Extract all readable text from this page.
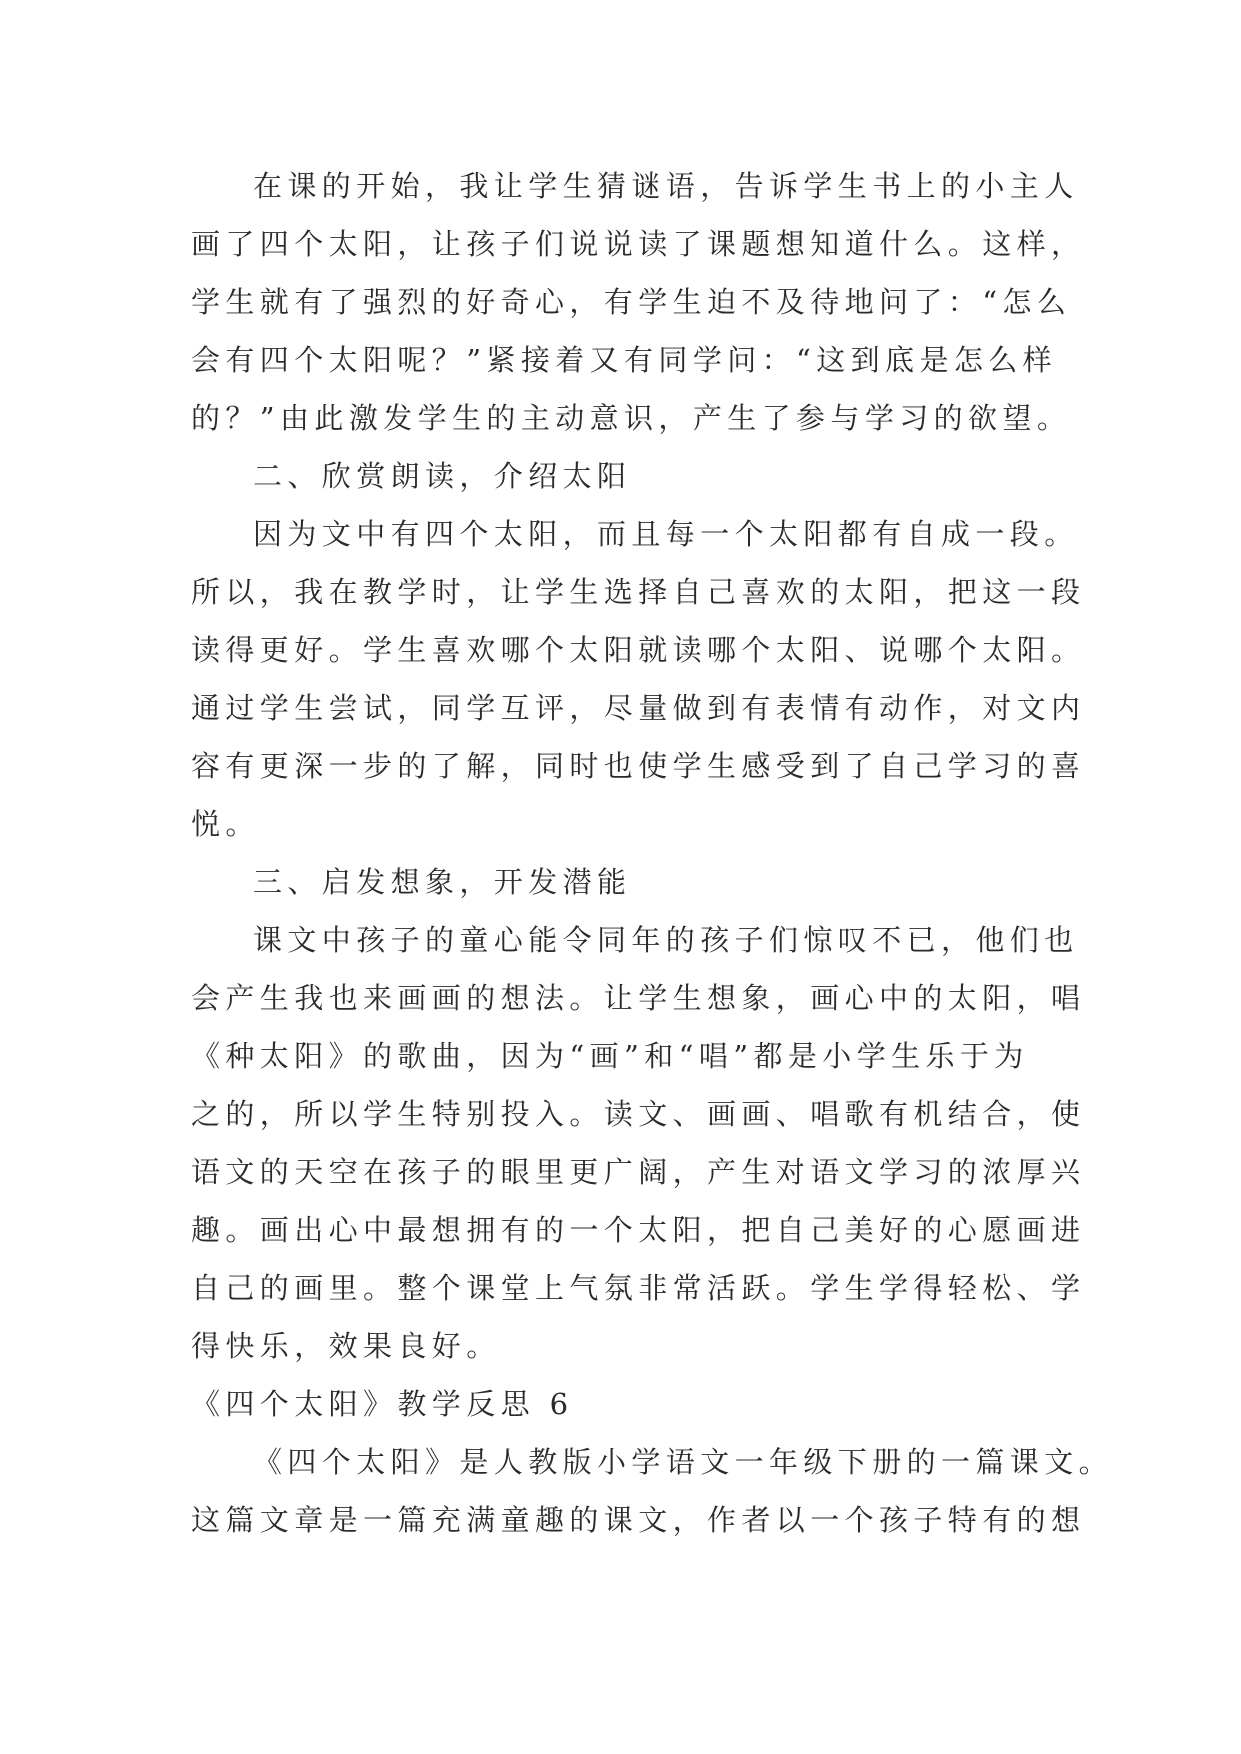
在课的开始，我让学生猜谜语，告诉学生书上的小主人
画了四个太阳，让孩子们说说读了课题想知道什么。这样，
学生就有了强烈的好奇心，有学生迫不及待地问了：“怎么
会有四个太阳呢？”紧接着又有同学问：“这到底是怎么样
的？”由此激发学生的主动意识，产生了参与学习的欲望。
二、欣赏朗读，介绍太阳
因为文中有四个太阳，而且每一个太阳都有自成一段。
所以，我在教学时，让学生选择自己喜欢的太阳，把这一段
读得更好。学生喜欢哪个太阳就读哪个太阳、说哪个太阳。
通过学生尝试，同学互评，尽量做到有表情有动作，对文内
容有更深一步的了解，同时也使学生感受到了自己学习的喜
悦。
三、启发想象，开发潜能
课文中孩子的童心能令同年的孩子们惊叹不已，他们也
会产生我也来画画的想法。让学生想象，画心中的太阳，唱
《种太阳》的歌曲，因为“画”和“唱”都是小学生乐于为
之的，所以学生特别投入。读文、画画、唱歌有机结合，使
语文的天空在孩子的眼里更广阔，产生对语文学习的浓厚兴
趣。画出心中最想拥有的一个太阳，把自己美好的心愿画进
自己的画里。整个课堂上气氛非常活跃。学生学得轻松、学
得快乐，效果良好。
《四个太阳》教学反思 6
《四个太阳》是人教版小学语文一年级下册的一篇课文。
这篇文章是一篇充满童趣的课文，作者以一个孩子特有的想
